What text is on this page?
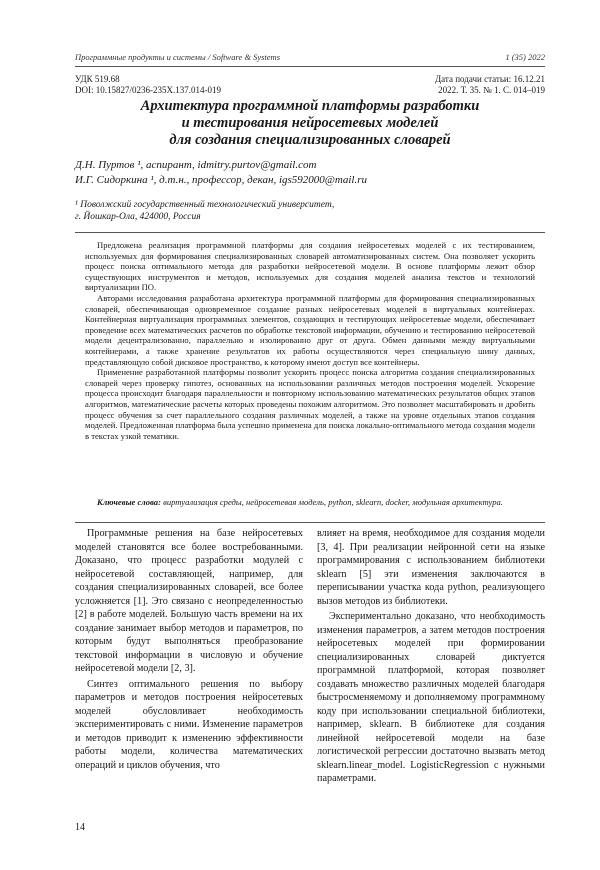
Программные продукты и системы / Software & Systems	1 (35) 2022
УДК 519.68	Дата подачи статьи: 16.12.21
DOI: 10.15827/0236-235X.137.014-019	2022. Т. 35. № 1. С. 014–019
Архитектура программной платформы разработки
и тестирования нейросетевых моделей
для создания специализированных словарей
Д.Н. Пуртов ¹, аспирант, idmitry.purtov@gmail.com
И.Г. Сидоркина ¹, д.т.н., профессор, декан, igs592000@mail.ru
¹ Поволжский государственный технологический университет,
г. Йошкар-Ола, 424000, Россия

Предложена реализация программной платформы для создания нейросетевых моделей с их тестированием, используемых для формирования специализированных словарей автоматизированных систем. Она позволяет ускорить процесс поиска оптимального метода для разработки нейросетевой модели. В основе платформы лежит обзор существующих инструментов и методов, используемых для создания моделей анализа текстов и технологий виртуализации ПО.

Авторами исследования разработана архитектура программной платформы для формирования специализированных словарей, обеспечивающая одновременное создание разных нейросетевых моделей в виртуальных контейнерах. Контейнерная виртуализация программных элементов, создающих и тестирующих нейросетевые модели, обеспечивает проведение всех математических расчетов по обработке текстовой информации, обучению и тестированию нейросетевой модели децентрализованно, параллельно и изолированно друг от друга. Обмен данными между виртуальными контейнерами, а также хранение результатов их работы осуществляются через специальную шину данных, представляющую собой дисковое пространство, к которому имеют доступ все контейнеры.

Применение разработанной платформы позволит ускорить процесс поиска алгоритма создания специализированных словарей через проверку гипотез, основанных на использовании различных методов построения моделей. Ускорение процесса происходит благодаря параллельности и повторному использованию математических результатов общих этапов алгоритмов, математические расчеты которых проведены похожим алгоритмом. Это позволяет масштабировать и дробить процесс обучения за счет параллельного создания различных моделей, а также на уровне отдельных этапов создания моделей. Предложенная платформа была успешно применена для поиска локально-оптимального метода создания модели в текстах узкой тематики.

Ключевые слова: виртуализация среды, нейросетевая модель, python, sklearn, docker, модульная архитектура.

Программные решения на базе нейросетевых моделей становятся все более востребованными. Доказано, что процесс разработки модулей с нейросетевой составляющей, например, для создания специализированных словарей, все более усложняется [1]. Это связано с неопределенностью [2] в работе моделей. Большую часть времени на их создание занимает выбор методов и параметров, по которым будут выполняться преобразование текстовой информации в числовую и обучение нейросетевой модели [2, 3].

Синтез оптимального решения по выбору параметров и методов построения нейросетевых моделей обусловливает необходимость экспериментировать с ними. Изменение параметров и методов приводит к изменению эффективности работы модели, количества математических операций и циклов обучения, что

влияет на время, необходимое для создания модели [3, 4]. При реализации нейронной сети на языке программирования с использованием библиотеки sklearn [5] эти изменения заключаются в переписывании участка кода python, реализующего вызов методов из библиотеки.

Экспериментально доказано, что необходимость изменения параметров, а затем методов построения нейросетевых моделей при формировании специализированных словарей диктуется программной платформой, которая позволяет создавать множество различных моделей благодаря быстросменяемому и дополняемому программному коду при использовании специальной библиотеки, например, sklearn. В библиотеке для создания линейной нейросетевой модели на базе логистической регрессии достаточно вызвать метод sklearn.linear_model. LogisticRegression с нужными параметрами.

14
